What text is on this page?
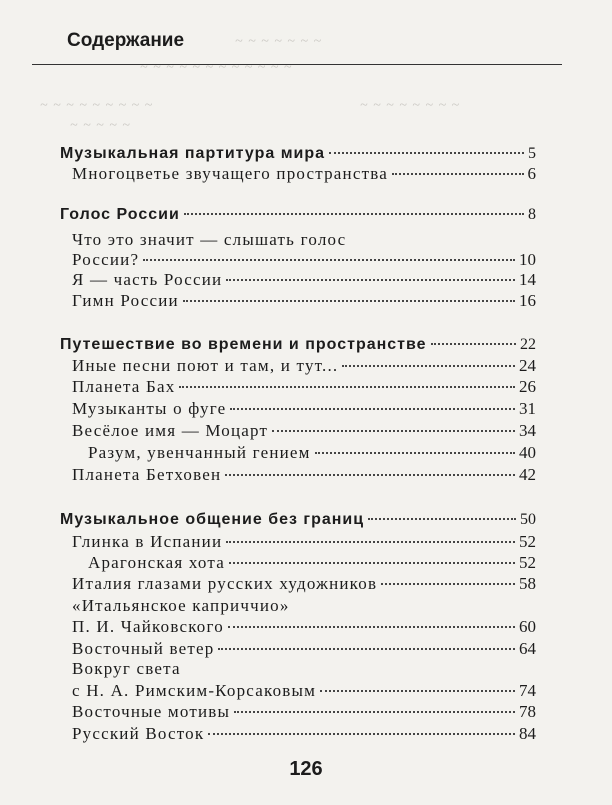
~ ~ ~ ~ ~ ~ ~
~ ~ ~ ~ ~ ~ ~ ~ ~ ~ ~ ~
~ ~ ~ ~ ~ ~ ~ ~ ~	~ ~ ~ ~ ~ ~ ~ ~
~ ~ ~ ~ ~
Содержание
Музыкальная партитура мира	5
Многоцветье звучащего пространства	6
Голос России	8
Что это значит — слышать голос
России?	10
Я — часть России	14
Гимн России	16
Путешествие во времени и пространстве	22
Иные песни поют и там, и тут...	24
Планета Бах	26
Музыканты о фуге	31
Весёлое имя — Моцарт	34
Разум, увенчанный гением	40
Планета Бетховен	42
Музыкальное общение без границ	50
Глинка в Испании	52
Арагонская хота	52
Италия глазами русских художников	58
«Итальянское каприччио»
П. И. Чайковского	60
Восточный ветер	64
Вокруг света
с Н. А. Римским-Корсаковым	74
Восточные мотивы	78
Русский Восток	84
126
